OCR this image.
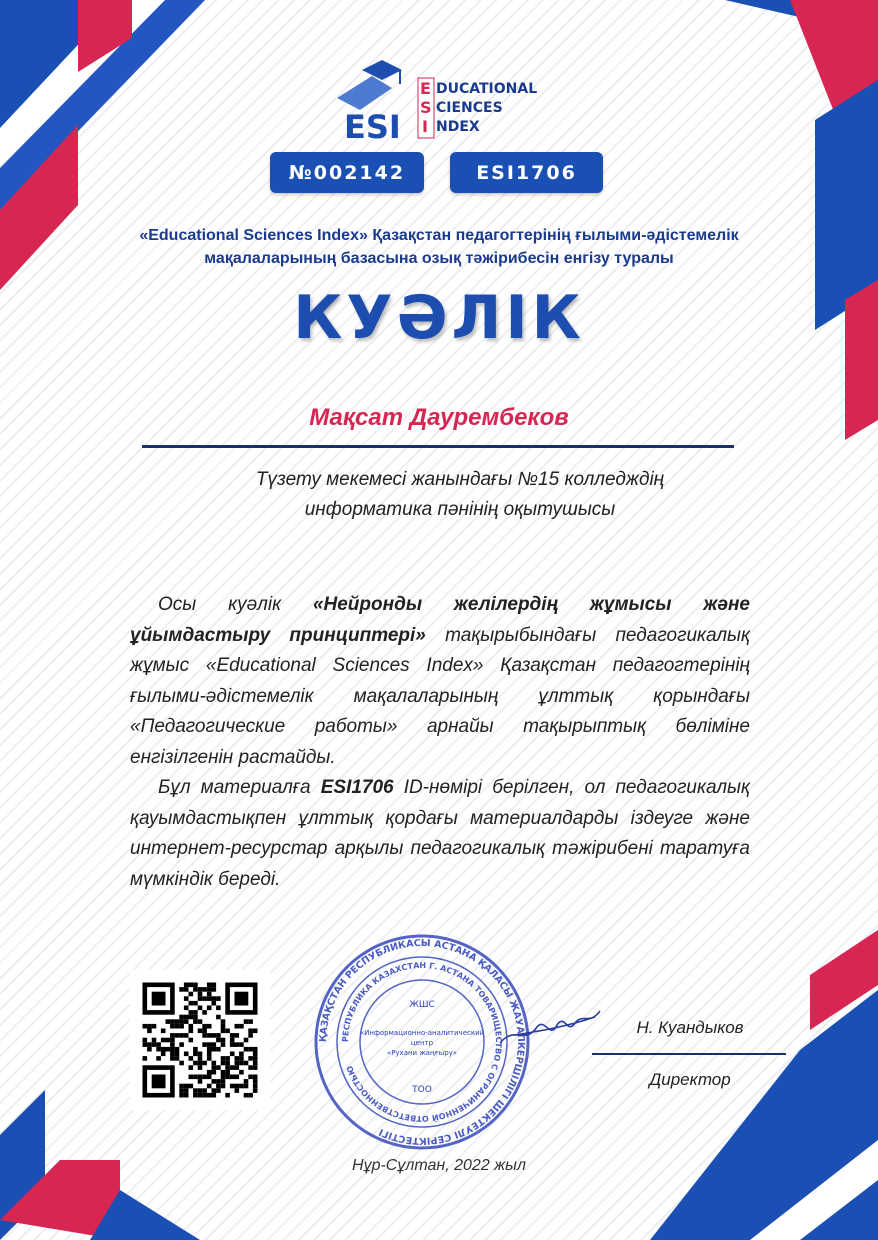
ESI
E
S
I
DUCATIONAL
CIENCES
NDEX
№002142	ESI1706
«Educational Sciences Index» Қазақстан педагогтерінің ғылыми-әдістемелік
мақалаларының базасына озық тәжірибесін енгізу туралы
КУӘЛІК
Мақсат Даурембеков
Түзету мекемесі жанындағы №15 колледждің
информатика пәнінің оқытушысы

Осы куәлік «Нейронды желілердің жұмысы және ұйымдастыру принциптері» тақырыбындағы педагогикалық жұмыс «Educational Sciences Index» Қазақстан педагогтерінің ғылыми-әдістемелік мақалаларының ұлттық қорындағы «Педагогические работы» арнайы тақырыптық бөліміне енгізілгенін растайды.

Бұл материалға ESI1706 ID-нөмірі берілген, ол педагогикалық қауымдастықпен ұлттық қордағы материалдарды іздеуге және интернет-ресурстар арқылы педагогикалық тәжірибені таратуға мүмкіндік береді.

ҚАЗАҚСТАН РЕСПУБЛИКАСЫ АСТАНА ҚАЛАСЫ ЖАУАПКЕРШІЛІГІ ШЕКТЕУЛІ СЕРІКТЕСТІГІ
РЕСПУБЛИКА КАЗАХСТАН Г. АСТАНА ТОВАРИЩЕСТВО С ОГРАНИЧЕННОЙ ОТВЕТСТВЕННОСТЬЮ
ЖШС
«Информационно-аналитический
центр
«Рухани жаңғыру»
ТОО
Н. Куандыков
Директор
Нұр-Сұлтан, 2022 жыл
